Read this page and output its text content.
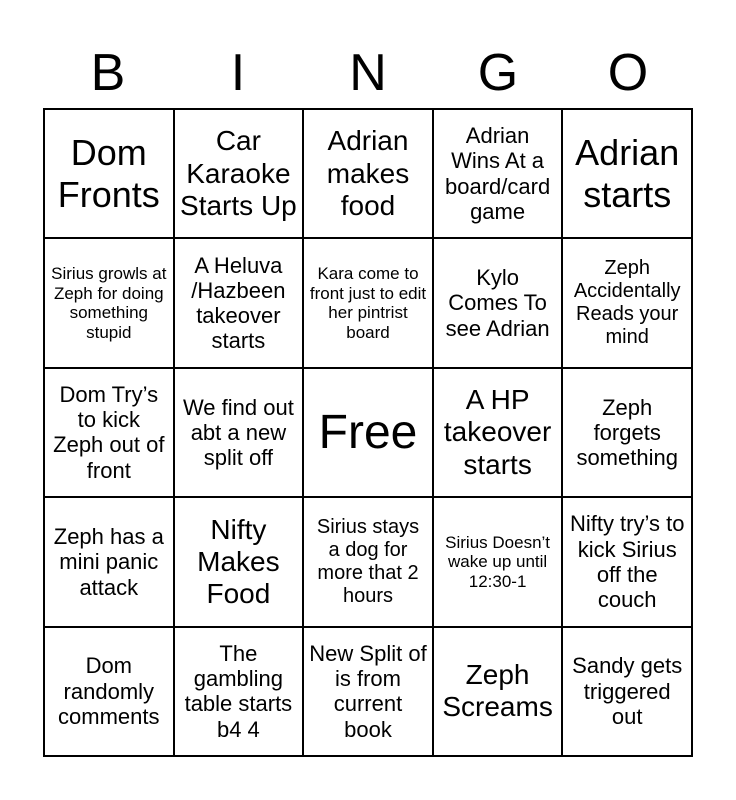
B	I	N	G	O
Dom Fronts
Car Karaoke Starts Up
Adrian makes food
Adrian Wins At a board/card game
Adrian starts
Sirius growls at Zeph for doing something stupid
A Heluva /Hazbeen takeover starts
Kara come to front just to edit her pintrist board
Kylo Comes To see Adrian
Zeph Accidentally Reads your mind
Dom Try’s to kick Zeph out of front
We find out abt a new split off Free
A HP takeover starts
Zeph forgets something
Zeph has a mini panic attack
Nifty Makes Food
Sirius stays a dog for more that 2 hours
Sirius Doesn’t wake up until 12:30-1
Nifty try’s to kick Sirius off the couch
Dom randomly comments
The gambling table starts b4 4
New Split of is from current book
Zeph Screams
Sandy gets triggered out
